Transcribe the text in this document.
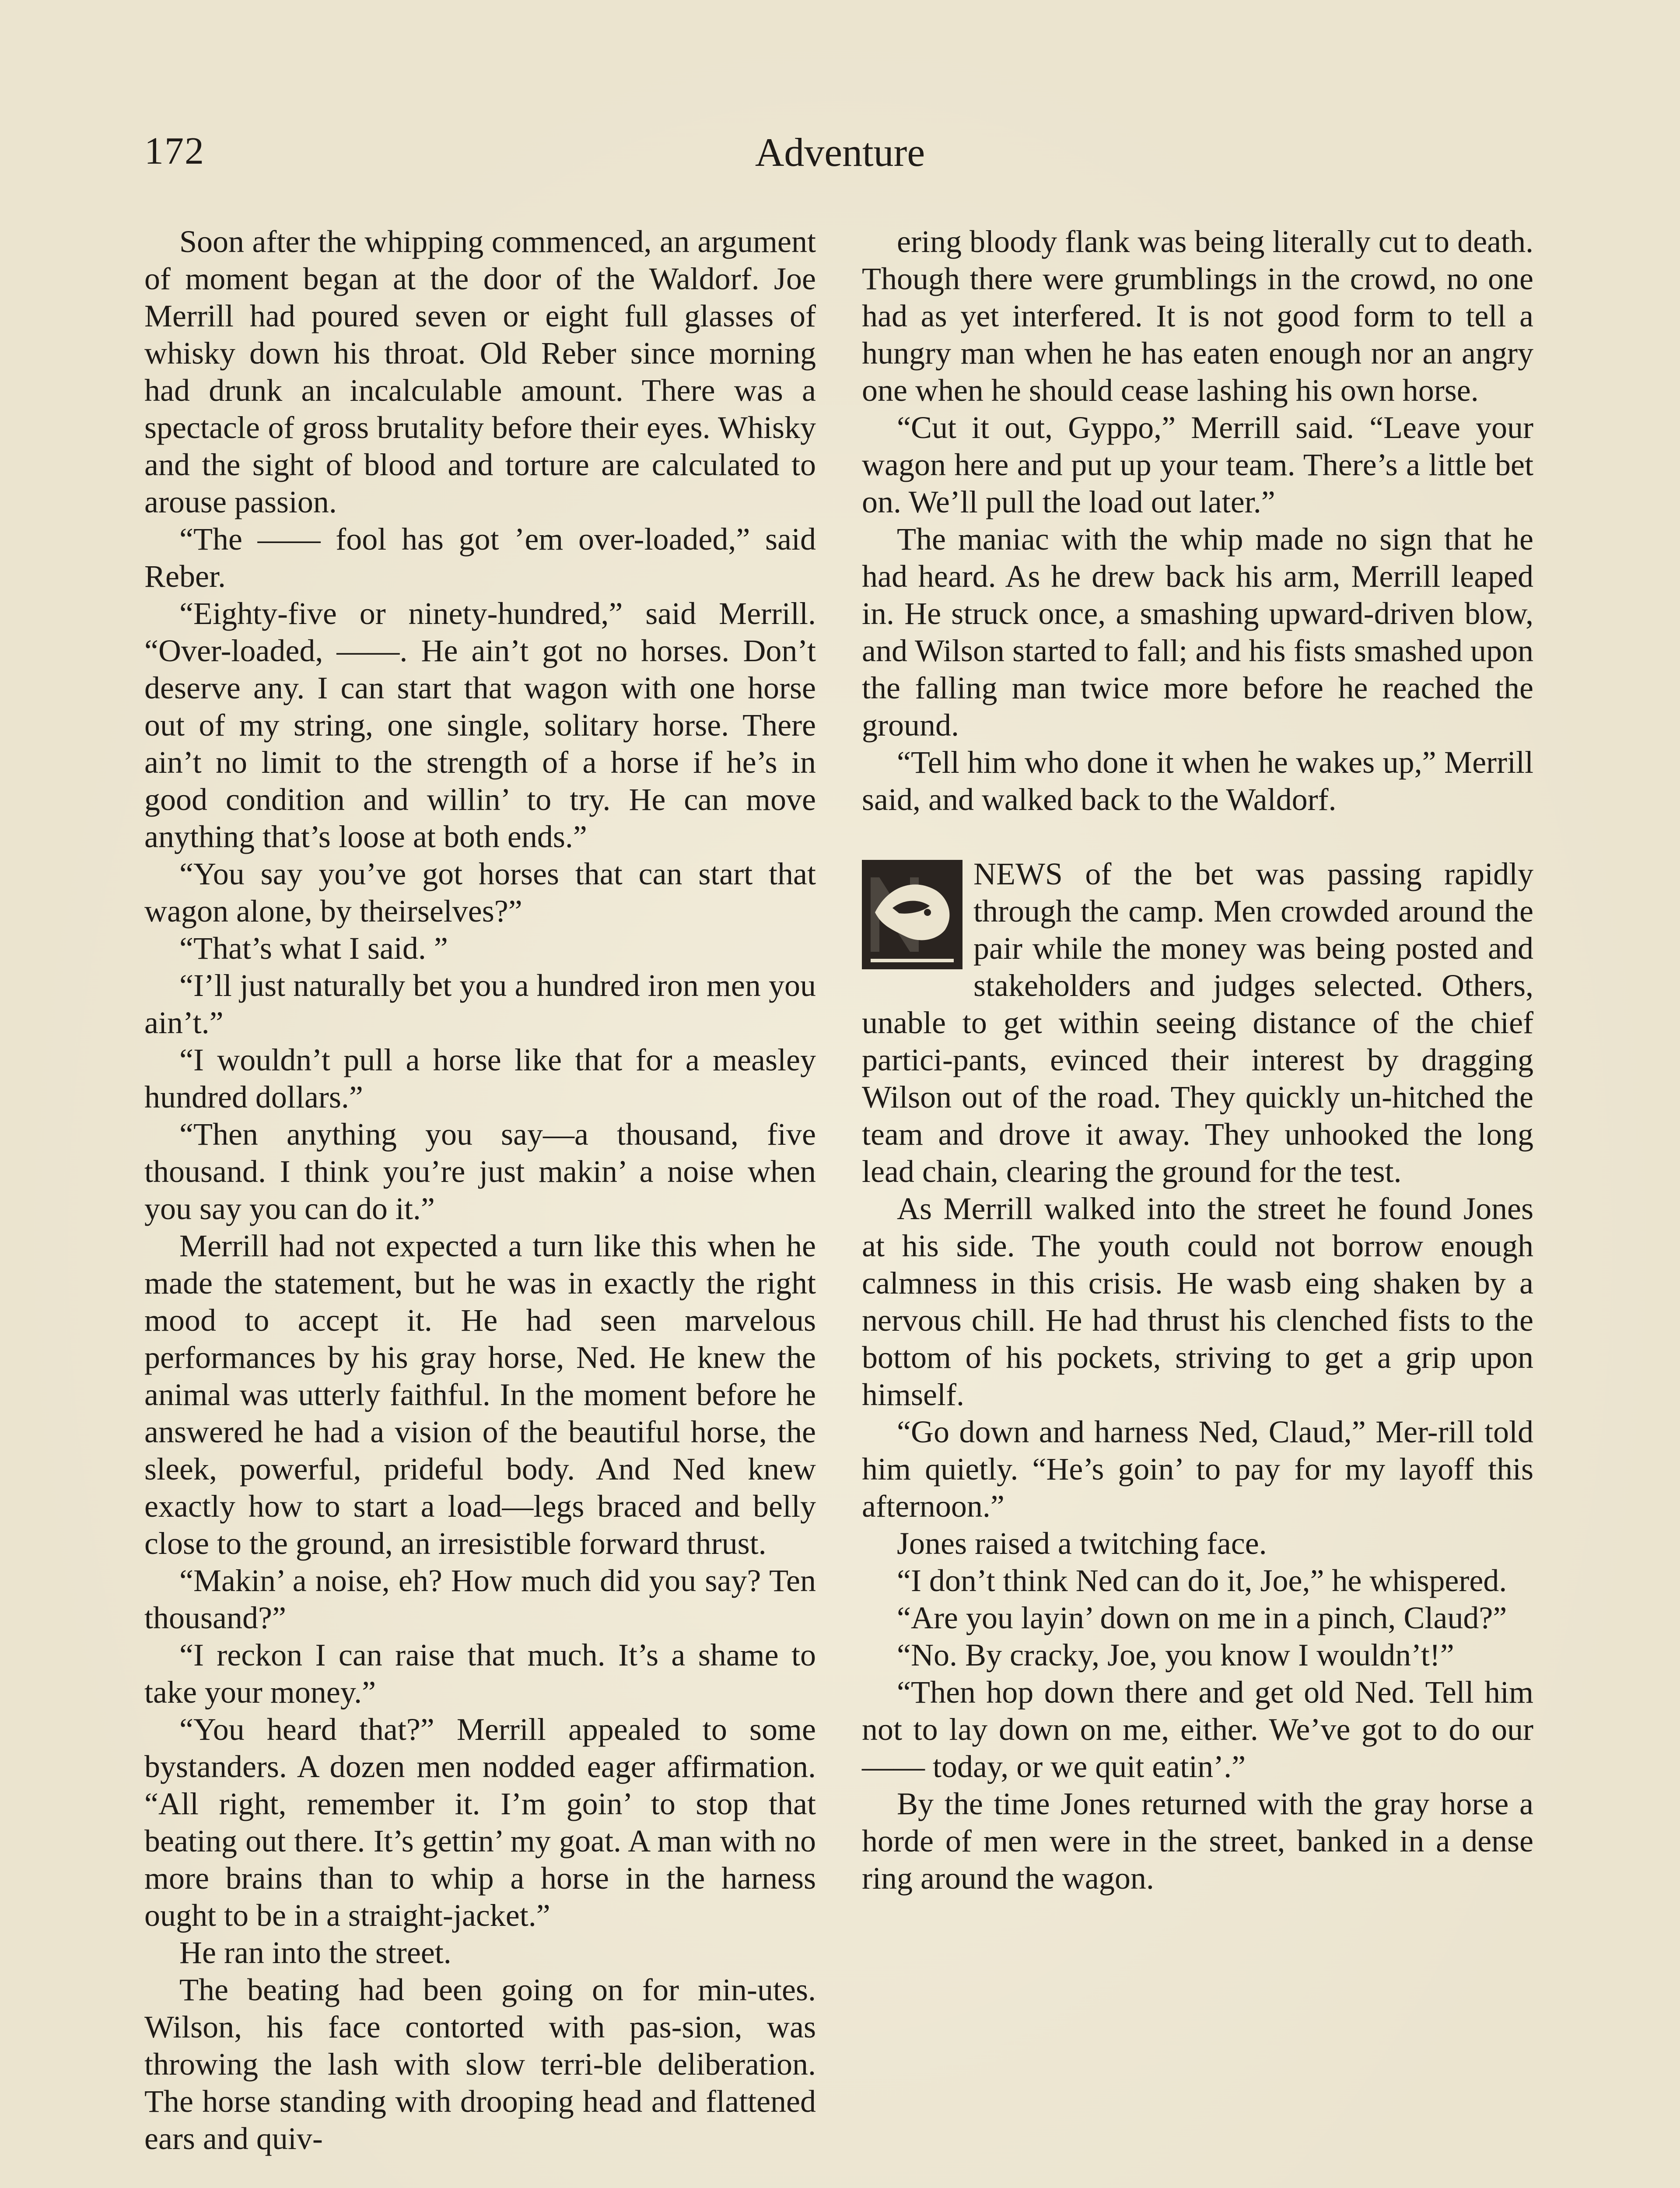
172	Adventure

Soon after the whipping commenced, an argument of moment began at the door of the Waldorf. Joe Merrill had poured seven or eight full glasses of whisky down his throat. Old Reber since morning had drunk an incalculable amount. There was a spectacle of gross brutality before their eyes. Whisky and the sight of blood and torture are calculated to arouse passion.

“The —— fool has got ’em over-loaded,” said Reber.

“Eighty-five or ninety-hundred,” said Merrill. “Over-loaded, ——. He ain’t got no horses. Don’t deserve any. I can start that wagon with one horse out of my string, one single, solitary horse. There ain’t no limit to the strength of a horse if he’s in good condition and willin’ to try. He can move anything that’s loose at both ends.”

“You say you’ve got horses that can start that wagon alone, by theirselves?”

“That’s what I said. ”

“I’ll just naturally bet you a hundred iron men you ain’t.”

“I wouldn’t pull a horse like that for a measley hundred dollars.”

“Then anything you say—a thousand, five thousand. I think you’re just makin’ a noise when you say you can do it.”

Merrill had not expected a turn like this when he made the statement, but he was in exactly the right mood to accept it. He had seen marvelous performances by his gray horse, Ned. He knew the animal was utterly faithful. In the moment before he answered he had a vision of the beautiful horse, the sleek, powerful, prideful body. And Ned knew exactly how to start a load—legs braced and belly close to the ground, an irresistible forward thrust.

“Makin’ a noise, eh? How much did you say? Ten thousand?”

“I reckon I can raise that much. It’s a shame to take your money.”

“You heard that?” Merrill appealed to some bystanders. A dozen men nodded eager affirmation. “All right, remember it. I’m goin’ to stop that beating out there. It’s gettin’ my goat. A man with no more brains than to whip a horse in the harness ought to be in a straight-jacket.”

He ran into the street.

The beating had been going on for min-utes. Wilson, his face contorted with pas-sion, was throwing the lash with slow terri-ble deliberation. The horse standing with drooping head and flattened ears and quiv-

ering bloody flank was being literally cut to death. Though there were grumblings in the crowd, no one had as yet interfered. It is not good form to tell a hungry man when he has eaten enough nor an angry one when he should cease lashing his own horse.

“Cut it out, Gyppo,” Merrill said. “Leave your wagon here and put up your team. There’s a little bet on. We’ll pull the load out later.”

The maniac with the whip made no sign that he had heard. As he drew back his arm, Merrill leaped in. He struck once, a smashing upward-driven blow, and Wilson started to fall; and his fists smashed upon the falling man twice more before he reached the ground.

“Tell him who done it when he wakes up,” Merrill said, and walked back to the Waldorf.

NEWS of the bet was passing rapidly through the camp. Men crowded around the pair while the money was being posted and stakeholders and judges selected. Others, unable to get within seeing distance of the chief partici-pants, evinced their interest by dragging Wilson out of the road. They quickly un-hitched the team and drove it away. They unhooked the long lead chain, clearing the ground for the test.

As Merrill walked into the street he found Jones at his side. The youth could not borrow enough calmness in this crisis. He wasb eing shaken by a nervous chill. He had thrust his clenched fists to the bottom of his pockets, striving to get a grip upon himself.

“Go down and harness Ned, Claud,” Mer-rill told him quietly. “He’s goin’ to pay for my layoff this afternoon.”

Jones raised a twitching face.

“I don’t think Ned can do it, Joe,” he whispered.

“Are you layin’ down on me in a pinch, Claud?”

“No. By cracky, Joe, you know I wouldn’t!”

“Then hop down there and get old Ned. Tell him not to lay down on me, either. We’ve got to do our —— today, or we quit eatin’.”

By the time Jones returned with the gray horse a horde of men were in the street, banked in a dense ring around the wagon.
